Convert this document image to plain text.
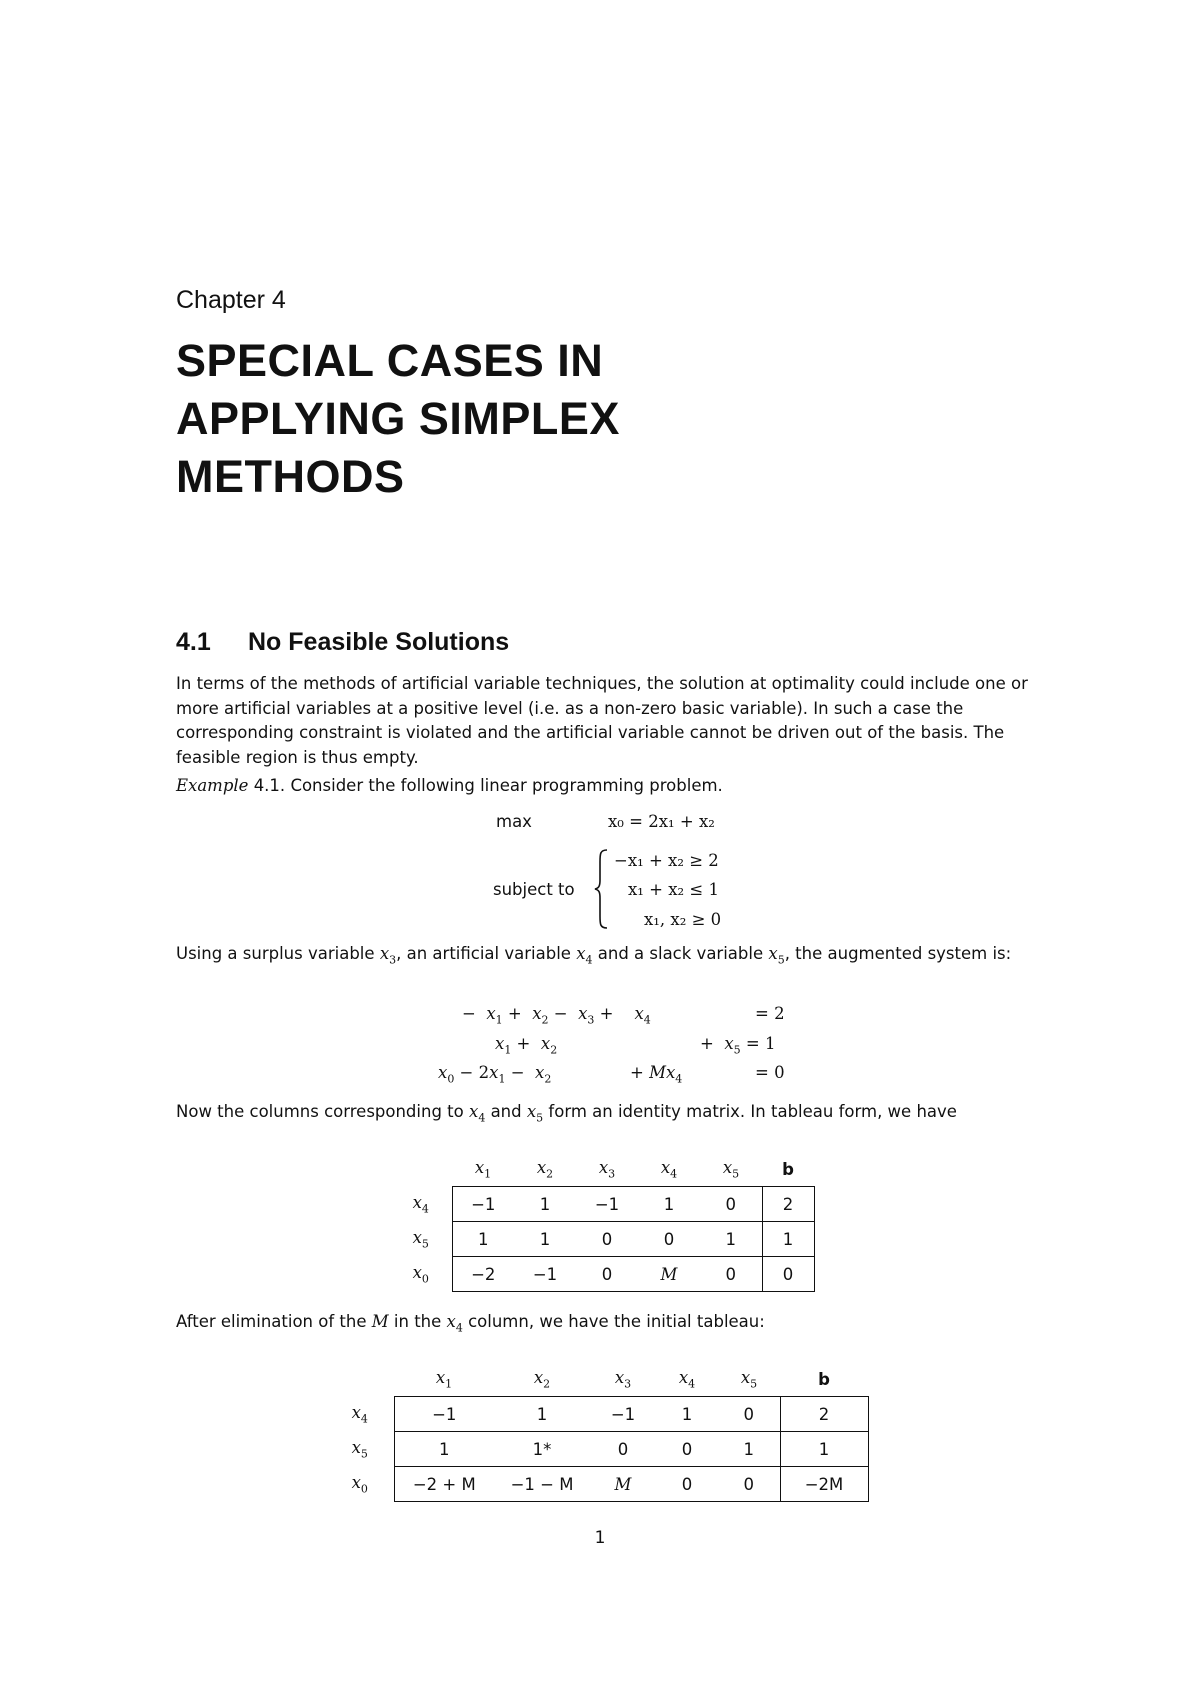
Chapter 4
SPECIAL CASES IN
APPLYING SIMPLEX
METHODS
4.1 No Feasible Solutions
In terms of the methods of artificial variable techniques, the solution at optimality could include one or more artificial variables at a positive level (i.e. as a non-zero basic variable). In such a case the corresponding constraint is violated and the artificial variable cannot be driven out of the basis. The feasible region is thus empty.
Example 4.1. Consider the following linear programming problem.
max	x₀ = 2x₁ + x₂
subject to
−x₁ + x₂ ≥ 2
x₁ + x₂ ≤ 1
x₁, x₂ ≥ 0
Using a surplus variable $x_3$, an artificial variable $x_4$ and a slack variable $x_5$, the augmented system is:
−  $x_1 + x_2 - x_3$ +    $x_4$	= 2
$x_1 + x_2$	+  $x_5 = 1$
$x_0 - 2x_1 - x_2$	+ $Mx_4$	= 0
Now the columns corresponding to $x_4$ and $x_5$ form an identity matrix. In tableau form, we have
	$x_1$	$x_2$	$x_3$	$x_4$	$x_5$	b
$x_4$	−1	1	−1	1	0	2
$x_5$	1	1	0	0	1	1
$x_0$	−2	−1	0	M	0	0
After elimination of the M in the $x_4$ column, we have the initial tableau:
	$x_1$	$x_2$	$x_3$	$x_4$	$x_5$	b
$x_4$	−1	1	−1	1	0	2
$x_5$	1	1*	0	0	1	1
$x_0$	−2 + M	−1 − M	M	0	0	−2M
1
